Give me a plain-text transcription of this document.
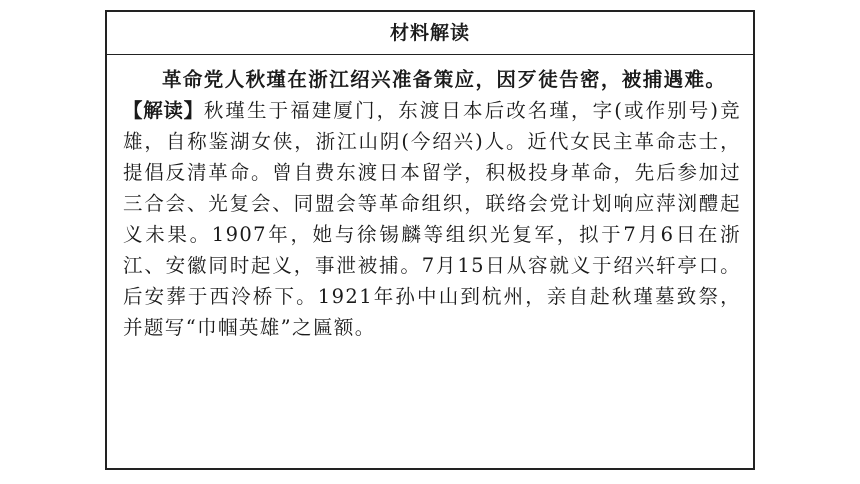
材料解读

革命党人秋瑾在浙江绍兴准备策应，因歹徒告密，被捕遇难。

【解读】秋瑾生于福建厦门，东渡日本后改名瑾，字(或作别号)竞雄，自称鉴湖女侠，浙江山阴(今绍兴)人。近代女民主革命志士，提倡反清革命。曾自费东渡日本留学，积极投身革命，先后参加过三合会、光复会、同盟会等革命组织，联络会党计划响应萍浏醴起义未果。1907年，她与徐锡麟等组织光复军，拟于7月6日在浙江、安徽同时起义，事泄被捕。7月15日从容就义于绍兴轩亭口。后安葬于西泠桥下。1921年孙中山到杭州，亲自赴秋瑾墓致祭，并题写“巾帼英雄”之匾额。
